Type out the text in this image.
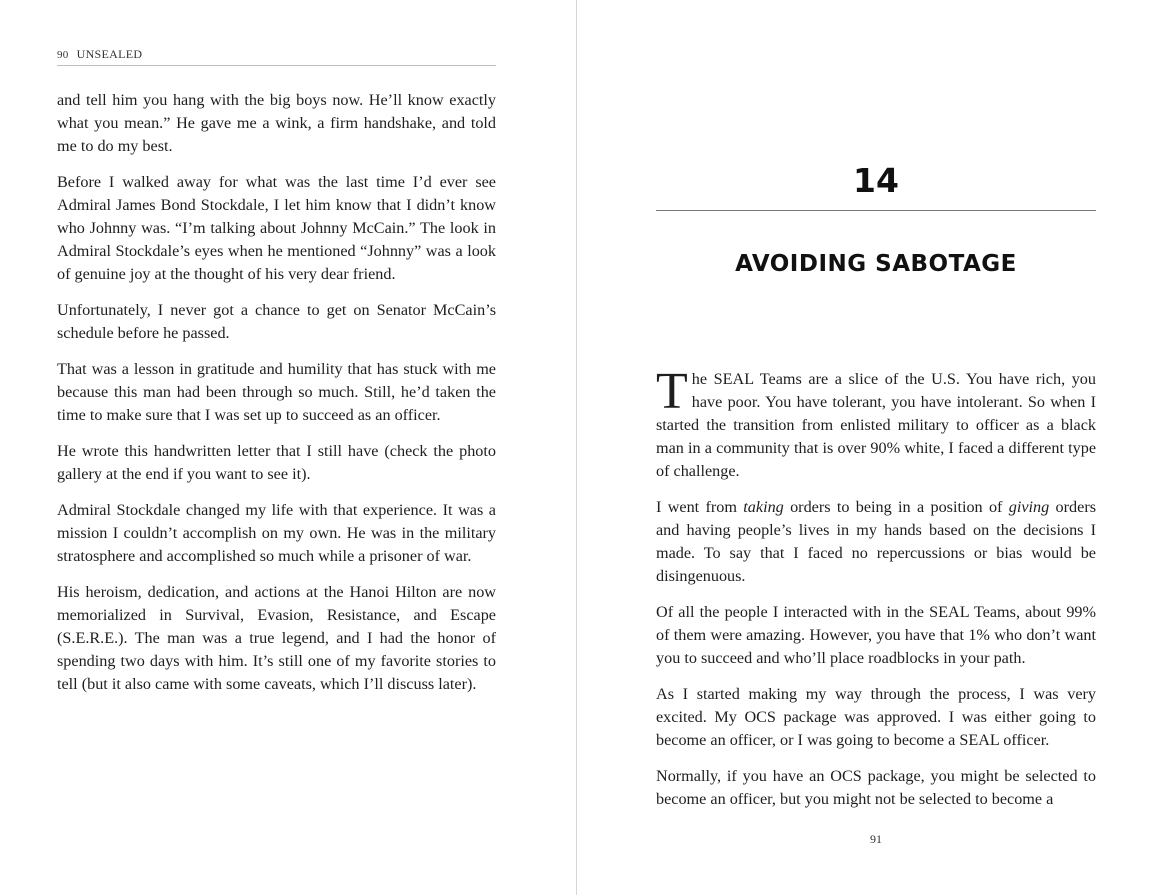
90 UNSEALED

and tell him you hang with the big boys now. He’ll know exactly what you mean.” He gave me a wink, a firm handshake, and told me to do my best.

Before I walked away for what was the last time I’d ever see Admiral James Bond Stockdale, I let him know that I didn’t know who Johnny was. “I’m talking about Johnny McCain.” The look in Admiral Stockdale’s eyes when he mentioned “Johnny” was a look of genuine joy at the thought of his very dear friend.

Unfortunately, I never got a chance to get on Senator McCain’s schedule before he passed.

That was a lesson in gratitude and humility that has stuck with me because this man had been through so much. Still, he’d taken the time to make sure that I was set up to succeed as an officer.

He wrote this handwritten letter that I still have (check the photo gallery at the end if you want to see it).

Admiral Stockdale changed my life with that experience. It was a mission I couldn’t accomplish on my own. He was in the military stratosphere and accomplished so much while a prisoner of war.

His heroism, dedication, and actions at the Hanoi Hilton are now memorialized in Survival, Evasion, Resistance, and Escape (S.E.R.E.). The man was a true legend, and I had the honor of spending two days with him. It’s still one of my favorite stories to tell (but it also came with some caveats, which I’ll discuss later).

14
AVOIDING SABOTAGE

The SEAL Teams are a slice of the U.S. You have rich, you have poor. You have tolerant, you have intolerant. So when I started the transition from enlisted military to officer as a black man in a community that is over 90% white, I faced a different type of challenge.

I went from taking orders to being in a position of giving orders and having people’s lives in my hands based on the decisions I made. To say that I faced no repercussions or bias would be disingenuous.

Of all the people I interacted with in the SEAL Teams, about 99% of them were amazing. However, you have that 1% who don’t want you to succeed and who’ll place roadblocks in your path.

As I started making my way through the process, I was very excited. My OCS package was approved. I was either going to become an officer, or I was going to become a SEAL officer.

Normally, if you have an OCS package, you might be selected to become an officer, but you might not be selected to become a

91
